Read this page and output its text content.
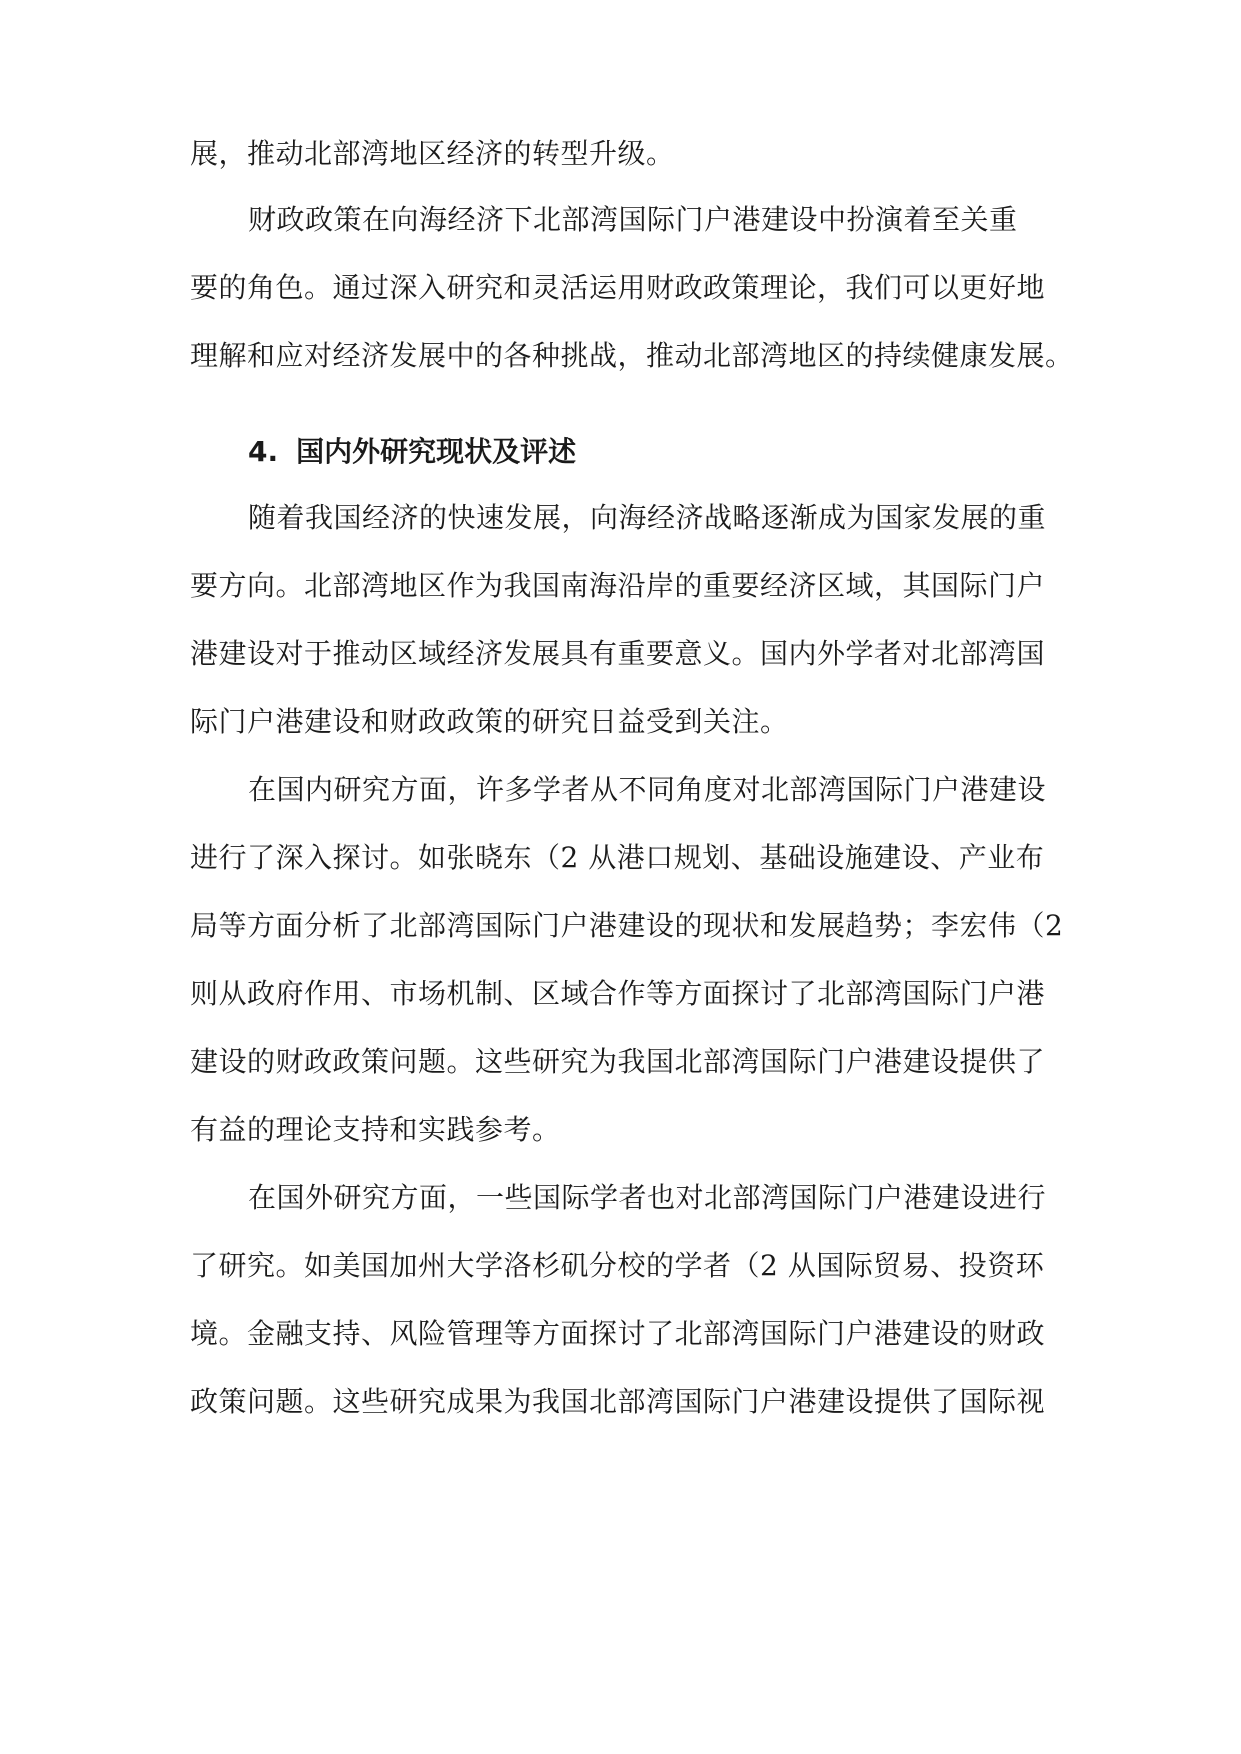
展，推动北部湾地区经济的转型升级。
财政政策在向海经济下北部湾国际门户港建设中扮演着至关重
要的角色。通过深入研究和灵活运用财政政策理论，我们可以更好地
理解和应对经济发展中的各种挑战，推动北部湾地区的持续健康发展。
4. 国内外研究现状及评述
随着我国经济的快速发展，向海经济战略逐渐成为国家发展的重
要方向。北部湾地区作为我国南海沿岸的重要经济区域，其国际门户
港建设对于推动区域经济发展具有重要意义。国内外学者对北部湾国
际门户港建设和财政政策的研究日益受到关注。
在国内研究方面，许多学者从不同角度对北部湾国际门户港建设
进行了深入探讨。如张晓东（2 从港口规划、基础设施建设、产业布
局等方面分析了北部湾国际门户港建设的现状和发展趋势；李宏伟（2
则从政府作用、市场机制、区域合作等方面探讨了北部湾国际门户港
建设的财政政策问题。这些研究为我国北部湾国际门户港建设提供了
有益的理论支持和实践参考。
在国外研究方面，一些国际学者也对北部湾国际门户港建设进行
了研究。如美国加州大学洛杉矶分校的学者（2 从国际贸易、投资环
境。金融支持、风险管理等方面探讨了北部湾国际门户港建设的财政
政策问题。这些研究成果为我国北部湾国际门户港建设提供了国际视
